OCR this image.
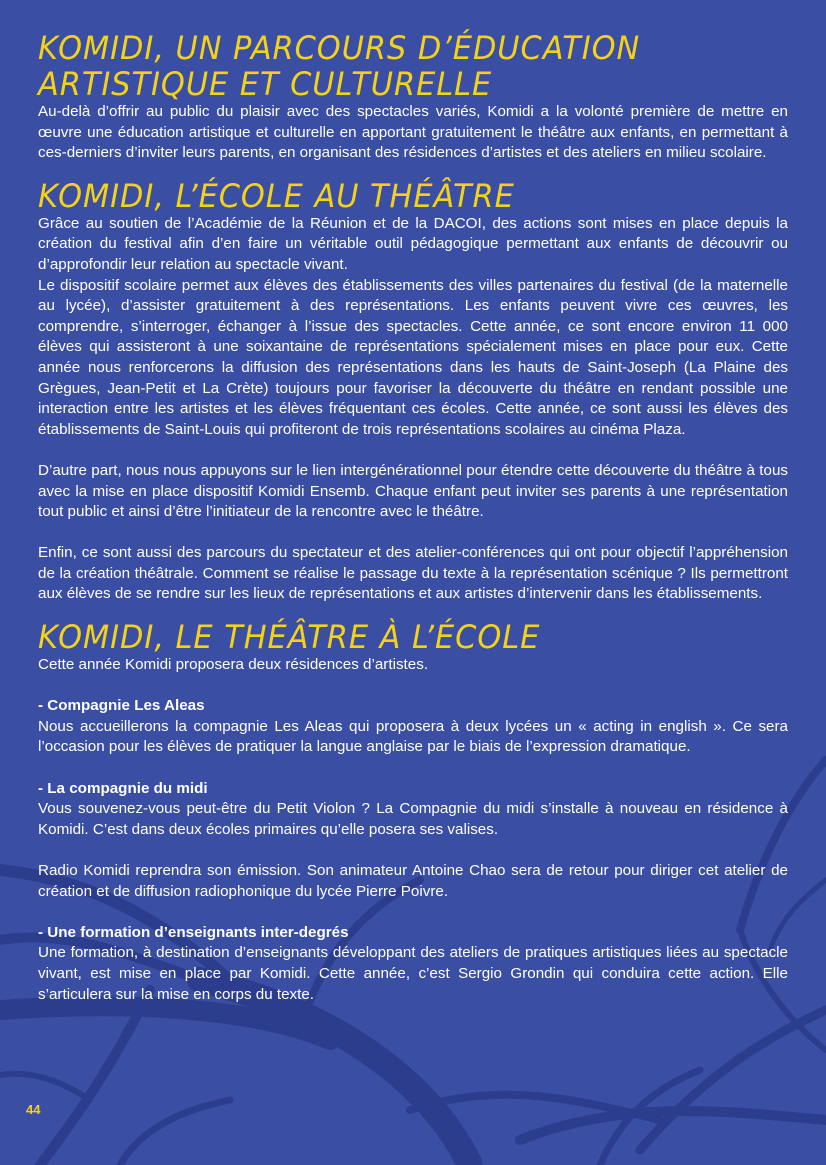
KOMIDI, UN PARCOURS D’ÉDUCATION ARTISTIQUE ET CULTURELLE

Au-delà d’offrir au public du plaisir avec des spectacles variés, Komidi a la volonté première de mettre en œuvre une éducation artistique et culturelle en apportant gratuitement le théâtre aux enfants, en permettant à ces-derniers d’inviter leurs parents, en organisant des résidences d’artistes et des ateliers en milieu scolaire.

KOMIDI, L’ÉCOLE AU THÉÂTRE

Grâce au soutien de l’Académie de la Réunion et de la DACOI, des actions sont mises en place depuis la création du festival afin d’en faire un véritable outil pédagogique permettant aux enfants de découvrir ou d’approfondir leur relation au spectacle vivant.

Le dispositif scolaire permet aux élèves des établissements des villes partenaires du festival (de la maternelle au lycée), d’assister gratuitement à des représentations. Les enfants peuvent vivre ces œuvres, les comprendre, s’interroger, échanger à l’issue des spectacles. Cette année, ce sont encore environ 11 000 élèves qui assisteront à une soixantaine de représentations spécialement mises en place pour eux. Cette année nous renforcerons la diffusion des représentations dans les hauts de Saint-Joseph (La Plaine des Grègues, Jean-Petit et La Crète) toujours pour favoriser la découverte du théâtre en rendant possible une interaction entre les artistes et les élèves fréquentant ces écoles. Cette année, ce sont aussi les élèves des établissements de Saint-Louis qui profiteront de trois représentations scolaires au cinéma Plaza.

D’autre part, nous nous appuyons sur le lien intergénérationnel pour étendre cette découverte du théâtre à tous avec la mise en place dispositif Komidi Ensemb. Chaque enfant peut inviter ses parents à une représentation tout public et ainsi d’être l’initiateur de la rencontre avec le théâtre.

Enfin, ce sont aussi des parcours du spectateur et des atelier-conférences qui ont pour objectif l’appréhension de la création théâtrale. Comment se réalise le passage du texte à la représentation scénique ? Ils permettront aux élèves de se rendre sur les lieux de représentations et aux artistes d’intervenir dans les établissements.

KOMIDI, LE THÉÂTRE À L’ÉCOLE

Cette année Komidi proposera deux résidences d’artistes.

- Compagnie Les Aleas

Nous accueillerons la compagnie Les Aleas qui proposera à deux lycées un « acting in english ». Ce sera l’occasion pour les élèves de pratiquer la langue anglaise par le biais de l’expression dramatique.

- La compagnie du midi

Vous souvenez-vous peut-être du Petit Violon ? La Compagnie du midi s’installe à nouveau en résidence à Komidi. C’est dans deux écoles primaires qu’elle posera ses valises.

Radio Komidi reprendra son émission. Son animateur Antoine Chao sera de retour pour diriger cet atelier de création et de diffusion radiophonique du lycée Pierre Poivre.

- Une formation d’enseignants inter-degrés

Une formation, à destination d’enseignants développant des ateliers de pratiques artistiques liées au spectacle vivant, est mise en place par Komidi. Cette année, c’est Sergio Grondin qui conduira cette action. Elle s’articulera sur la mise en corps du texte.

44
